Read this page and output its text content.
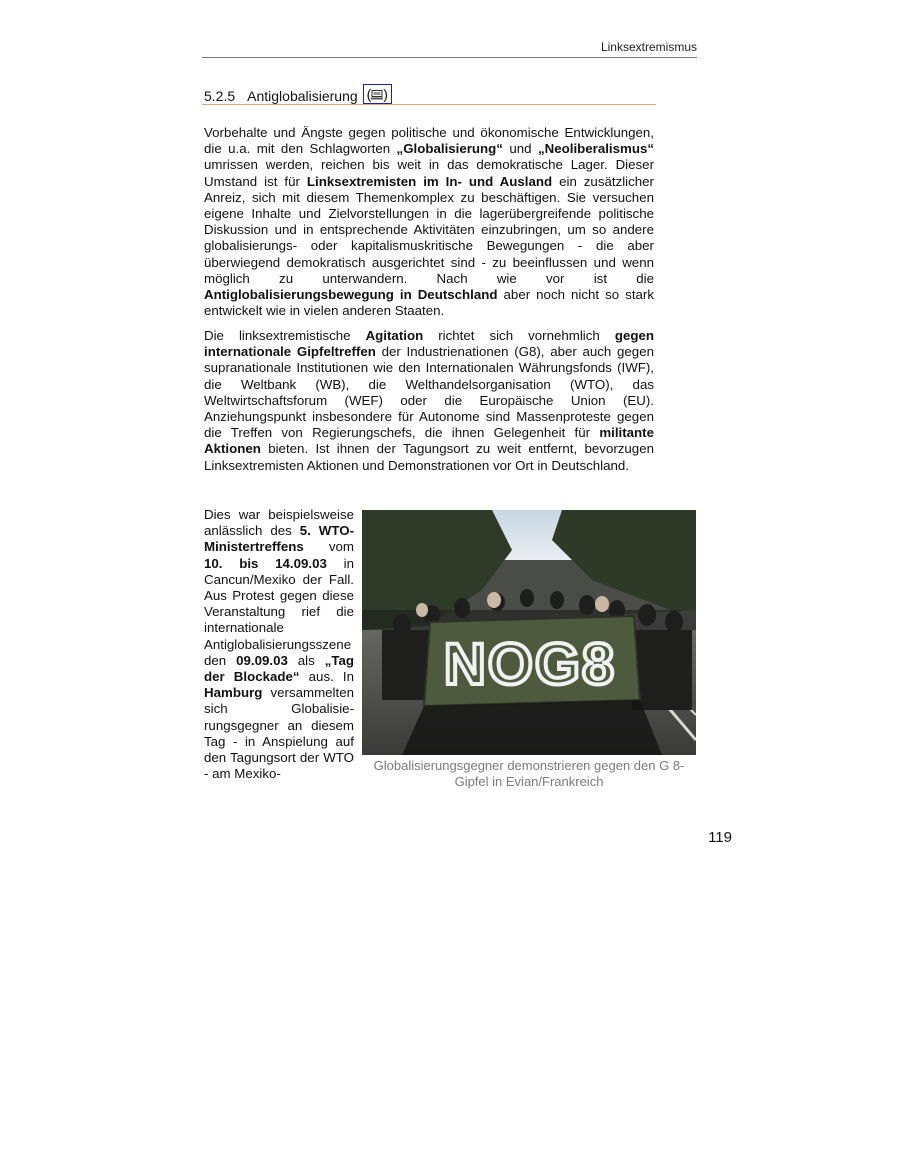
Linksextremismus
5.2.5 Antiglobalisierung ( )

Vorbehalte und Ängste gegen politische und ökonomische Entwicklungen, die u.a. mit den Schlagworten „Globalisierung“ und „Neoliberalismus“ umrissen werden, reichen bis weit in das demokratische Lager. Dieser Umstand ist für Linksextremisten im In- und Ausland ein zusätzlicher Anreiz, sich mit diesem Themenkomplex zu beschäftigen. Sie versuchen eigene Inhalte und Zielvorstellungen in die lagerübergreifende politische Diskussion und in entsprechende Aktivitäten einzubringen, um so andere globalisierungs- oder kapitalismuskritische Bewegungen - die aber überwiegend demokratisch ausgerichtet sind - zu beeinflussen und wenn möglich zu unterwandern. Nach wie vor ist die Antiglobalisierungsbewegung in Deutschland aber noch nicht so stark entwickelt wie in vielen anderen Staaten.

Die linksextremistische Agitation richtet sich vornehmlich gegen internationale Gipfeltreffen der Industrienationen (G8), aber auch gegen supranationale Institutionen wie den Internationalen Währungsfonds (IWF), die Weltbank (WB), die Welthandelsorganisation (WTO), das Weltwirtschaftsforum (WEF) oder die Europäische Union (EU). Anziehungspunkt insbesondere für Autonome sind Massenproteste gegen die Treffen von Regierungschefs, die ihnen Gelegenheit für militante Aktionen bieten. Ist ihnen der Tagungsort zu weit entfernt, bevorzugen Linksextremisten Aktionen und Demonstrationen vor Ort in Deutschland.

Dies war beispielsweise anlässlich des 5. WTO-Ministertreffens vom 10. bis 14.09.03 in Cancun/Mexiko der Fall. Aus Protest gegen diese Veranstaltung rief die internationale Antiglobalisierungsszene den 09.09.03 als „Tag der Blockade“ aus. In Hamburg versammelten sich Globalisierungsgegner an diesem Tag - in Anspielung auf den Tagungsort der WTO - am Mexiko-

NOG8
Globalisierungsgegner demonstrieren gegen den G 8-Gipfel in Evian/Frankreich
119
